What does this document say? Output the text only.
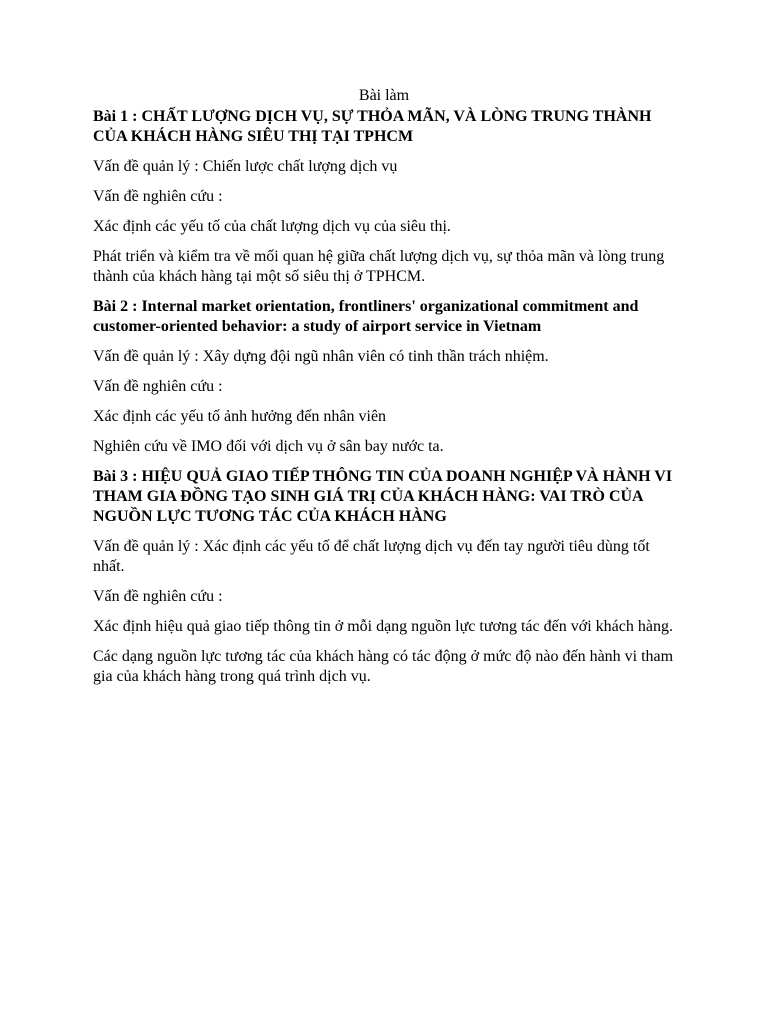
Bài làm

Bài 1 : CHẤT LƯỢNG DỊCH VỤ, SỰ THỎA MÃN, VÀ LÒNG TRUNG THÀNH CỦA KHÁCH HÀNG SIÊU THỊ TẠI TPHCM

Vấn đề quản lý : Chiến lược chất lượng dịch vụ

Vấn đề nghiên cứu :

Xác định các yếu tố của chất lượng dịch vụ của siêu thị.

Phát triển và kiểm tra về mối quan hệ giữa chất lượng dịch vụ, sự thỏa mãn và lòng trung thành của khách hàng tại một số siêu thị ở TPHCM.

Bài 2 : Internal market orientation, frontliners' organizational commitment and customer-oriented behavior: a study of airport service in Vietnam

Vấn đề quản lý : Xây dựng đội ngũ nhân viên có tinh thần trách nhiệm.

Vấn đề nghiên cứu :

Xác định các yếu tố ảnh hưởng đến nhân viên

Nghiên cứu về IMO đối với dịch vụ ở sân bay nước ta.

Bài 3 : HIỆU QUẢ GIAO TIẾP THÔNG TIN CỦA DOANH NGHIỆP VÀ HÀNH VI THAM GIA ĐỒNG TẠO SINH GIÁ TRỊ CỦA KHÁCH HÀNG: VAI TRÒ CỦA NGUỒN LỰC TƯƠNG TÁC CỦA KHÁCH HÀNG

Vấn đề quản lý : Xác định các yếu tố để chất lượng dịch vụ đến tay người tiêu dùng tốt nhất.

Vấn đề nghiên cứu :

Xác định hiệu quả giao tiếp thông tin ở mỗi dạng nguồn lực tương tác đến với khách hàng.

Các dạng nguồn lực tương tác của khách hàng có tác động ở mức độ nào đến hành vi tham gia của khách hàng trong quá trình dịch vụ.
